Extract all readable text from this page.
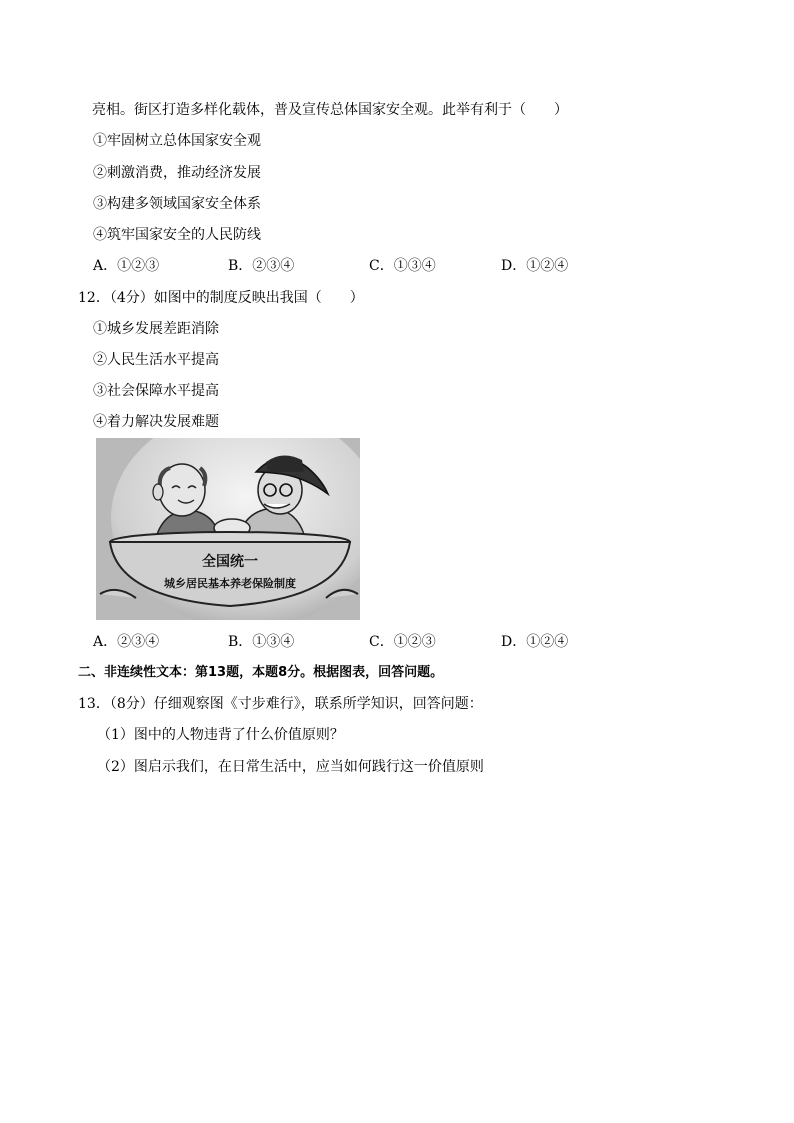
亮相。街区打造多样化载体，普及宣传总体国家安全观。此举有利于（　　）
①牢固树立总体国家安全观
②刺激消费，推动经济发展
③构建多领域国家安全体系
④筑牢国家安全的人民防线
A．①②③	B．②③④	C．①③④	D．①②④
12．（4分）如图中的制度反映出我国（　　）
①城乡发展差距消除
②人民生活水平提高
③社会保障水平提高
④着力解决发展难题
全国统一
城乡居民基本养老保险制度
A．②③④	B．①③④	C．①②③	D．①②④
二、非连续性文本：第13题，本题8分。根据图表，回答问题。
13．（8分）仔细观察图《寸步难行》，联系所学知识，回答问题：
（1）图中的人物违背了什么价值原则？
（2）图启示我们，在日常生活中，应当如何践行这一价值原则
